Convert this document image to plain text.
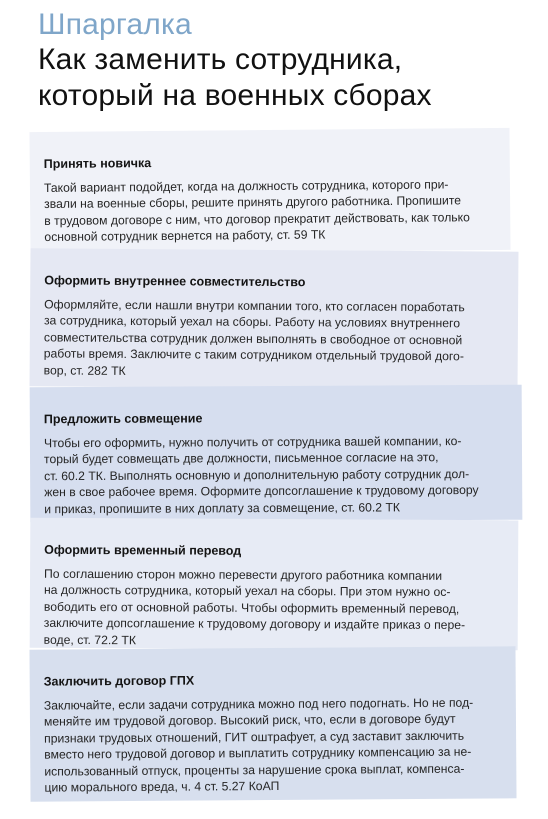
Шпаргалка
Как заменить сотрудника,
который на военных сборах
Принять новичка
Такой вариант подойдет, когда на должность сотрудника, которого при-
звали на военные сборы, решите принять другого работника. Пропишите
в трудовом договоре с ним, что договор прекратит действовать, как только
основной сотрудник вернется на работу, ст. 59 ТК
Оформить внутреннее совместительство
Оформляйте, если нашли внутри компании того, кто согласен поработать
за сотрудника, который уехал на сборы. Работу на условиях внутреннего
совместительства сотрудник должен выполнять в свободное от основной
работы время. Заключите с таким сотрудником отдельный трудовой дого-
вор, ст. 282 ТК
Предложить совмещение
Чтобы его оформить, нужно получить от сотрудника вашей компании, ко-
торый будет совмещать две должности, письменное согласие на это,
ст. 60.2 ТК. Выполнять основную и дополнительную работу сотрудник дол-
жен в свое рабочее время. Оформите допсоглашение к трудовому договору
и приказ, пропишите в них доплату за совмещение, ст. 60.2 ТК
Оформить временный перевод
По соглашению сторон можно перевести другого работника компании
на должность сотрудника, который уехал на сборы. При этом нужно ос-
вободить его от основной работы. Чтобы оформить временный перевод,
заключите допсоглашение к трудовому договору и издайте приказ о пере-
воде, ст. 72.2 ТК
Заключить договор ГПХ
Заключайте, если задачи сотрудника можно под него подогнать. Но не под-
меняйте им трудовой договор. Высокий риск, что, если в договоре будут
признаки трудовых отношений, ГИТ оштрафует, а суд заставит заключить
вместо него трудовой договор и выплатить сотруднику компенсацию за не-
использованный отпуск, проценты за нарушение срока выплат, компенса-
цию морального вреда, ч. 4 ст. 5.27 КоАП
